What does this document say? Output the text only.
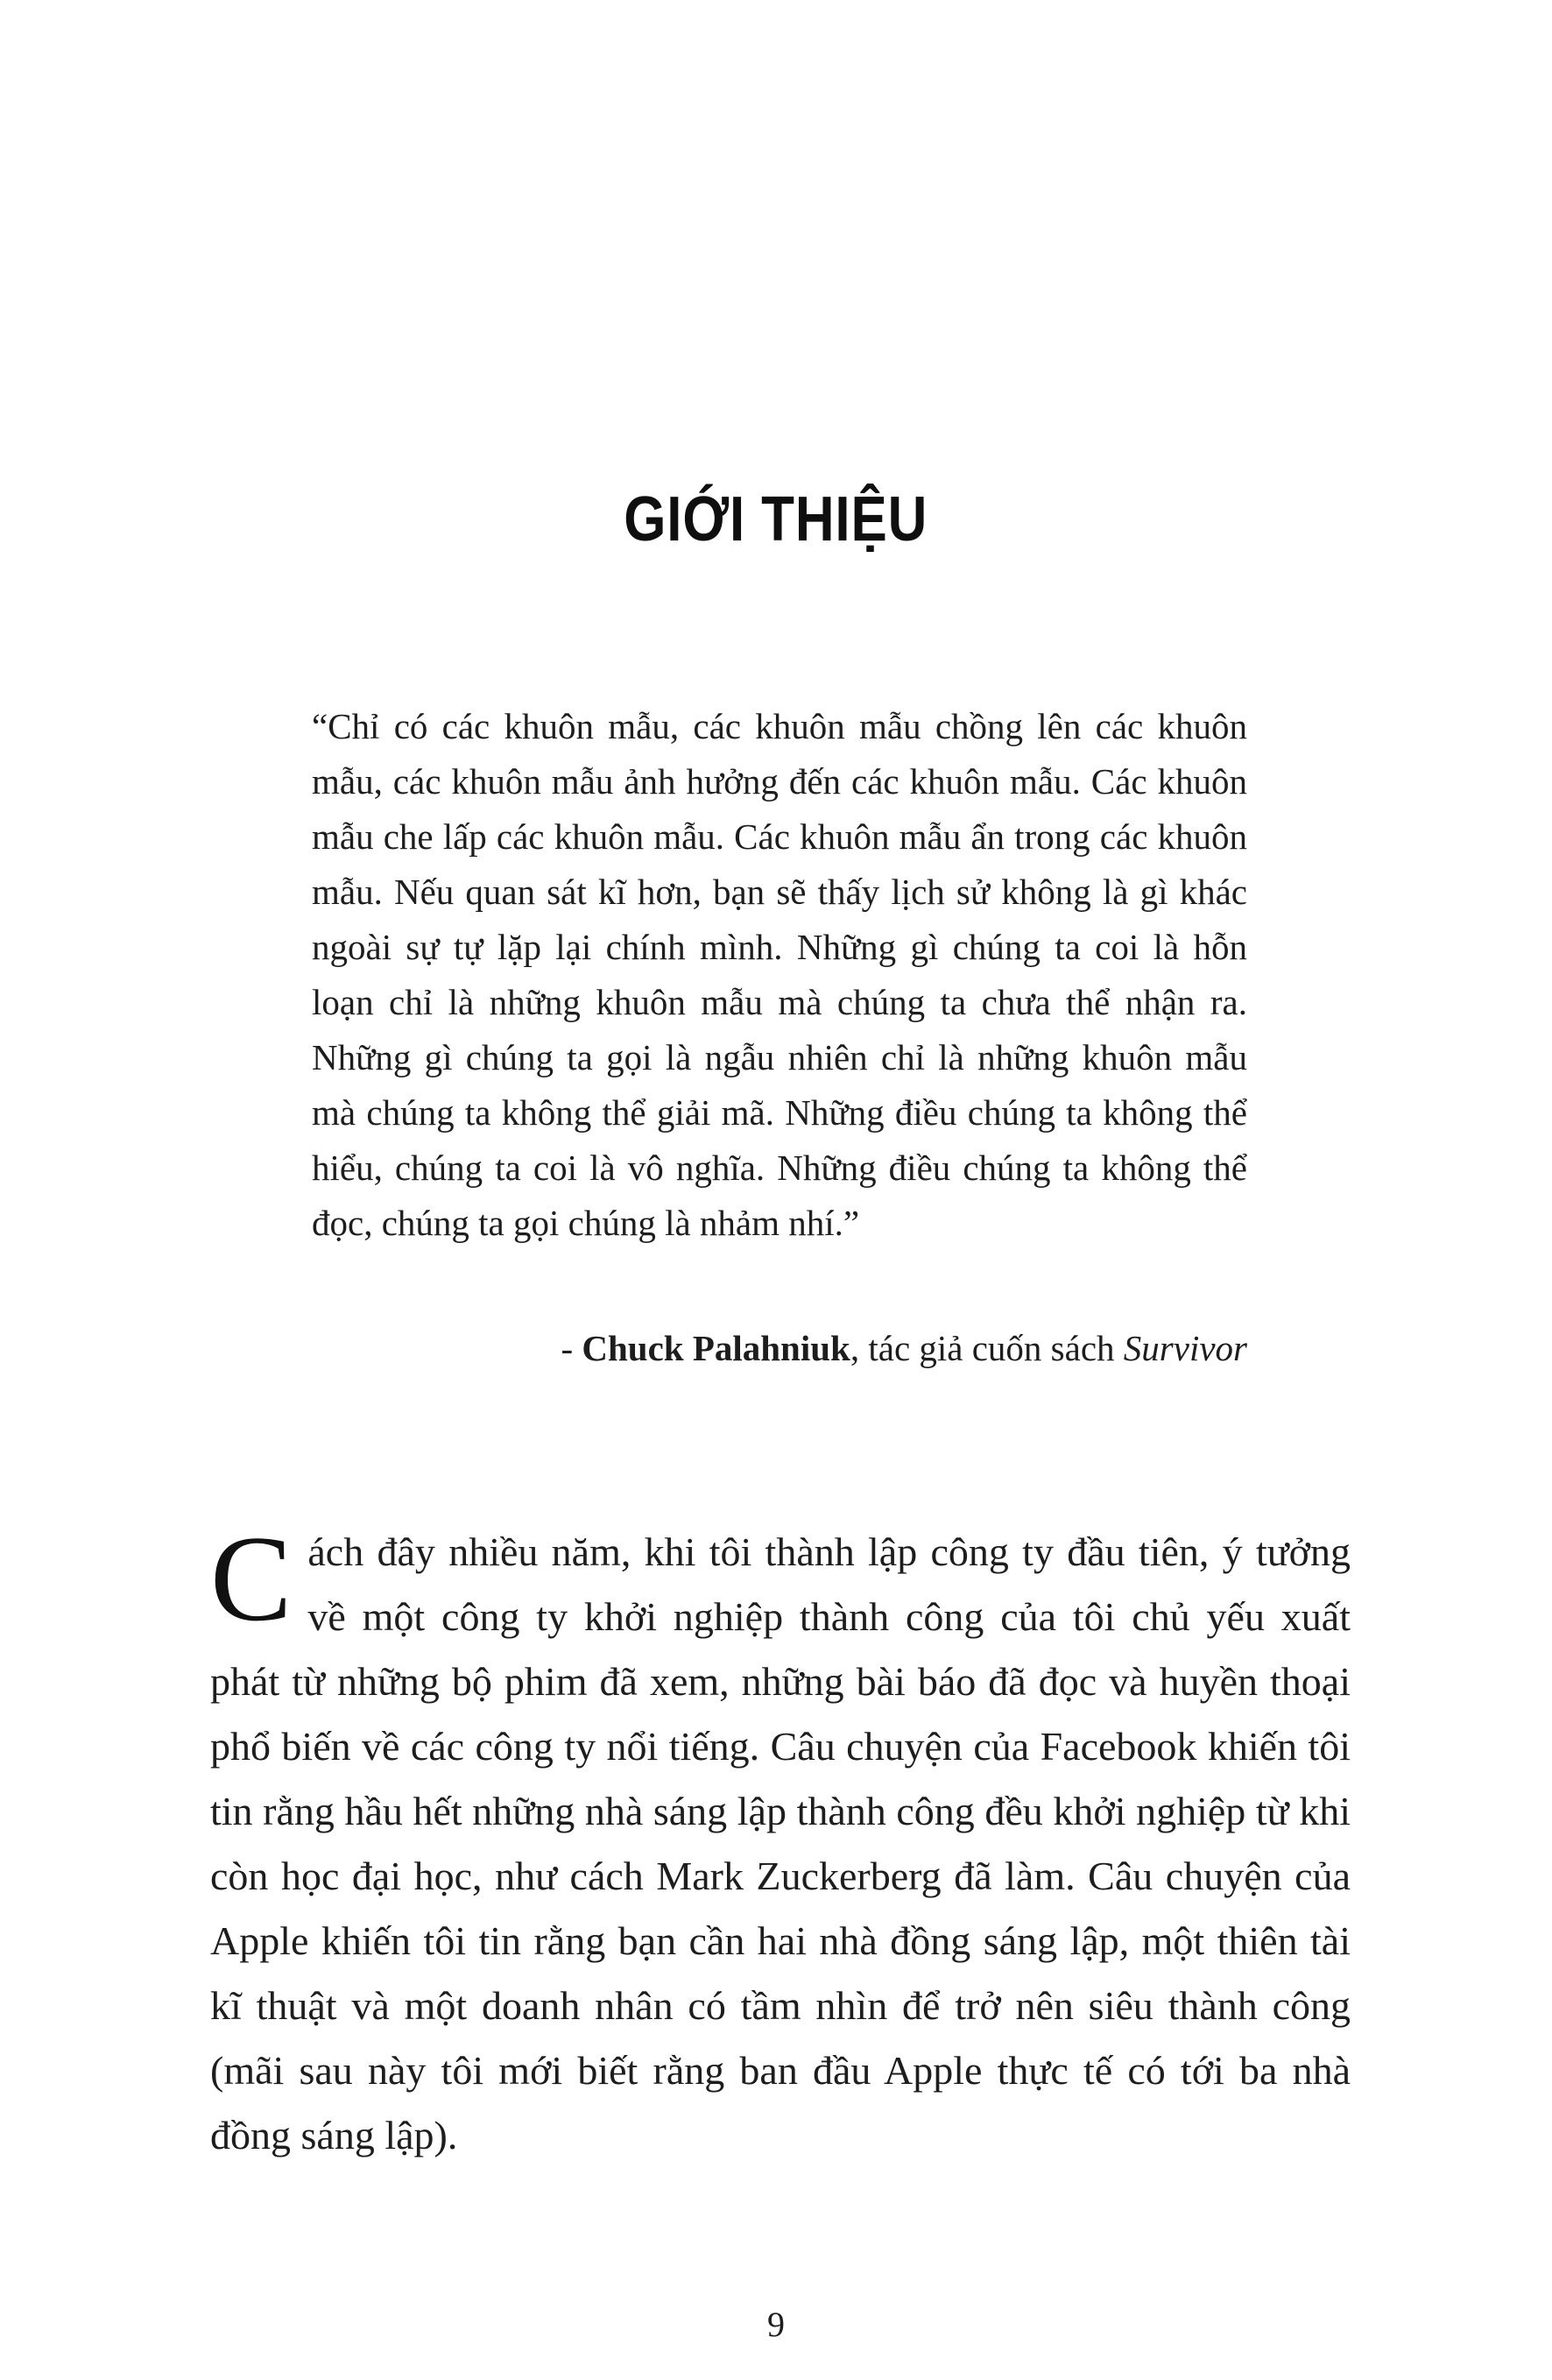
GIỚI THIỆU
“Chỉ có các khuôn mẫu, các khuôn mẫu chồng lên các khuôn mẫu, các khuôn mẫu ảnh hưởng đến các khuôn mẫu. Các khuôn mẫu che lấp các khuôn mẫu. Các khuôn mẫu ẩn trong các khuôn mẫu. Nếu quan sát kĩ hơn, bạn sẽ thấy lịch sử không là gì khác ngoài sự tự lặp lại chính mình. Những gì chúng ta coi là hỗn loạn chỉ là những khuôn mẫu mà chúng ta chưa thể nhận ra. Những gì chúng ta gọi là ngẫu nhiên chỉ là những khuôn mẫu mà chúng ta không thể giải mã. Những điều chúng ta không thể hiểu, chúng ta coi là vô nghĩa. Những điều chúng ta không thể đọc, chúng ta gọi chúng là nhảm nhí.”
- Chuck Palahniuk, tác giả cuốn sách Survivor
Cách đây nhiều năm, khi tôi thành lập công ty đầu tiên, ý tưởng về một công ty khởi nghiệp thành công của tôi chủ yếu xuất phát từ những bộ phim đã xem, những bài báo đã đọc và huyền thoại phổ biến về các công ty nổi tiếng. Câu chuyện của Facebook khiến tôi tin rằng hầu hết những nhà sáng lập thành công đều khởi nghiệp từ khi còn học đại học, như cách Mark Zuckerberg đã làm. Câu chuyện của Apple khiến tôi tin rằng bạn cần hai nhà đồng sáng lập, một thiên tài kĩ thuật và một doanh nhân có tầm nhìn để trở nên siêu thành công (mãi sau này tôi mới biết rằng ban đầu Apple thực tế có tới ba nhà đồng sáng lập).
9
